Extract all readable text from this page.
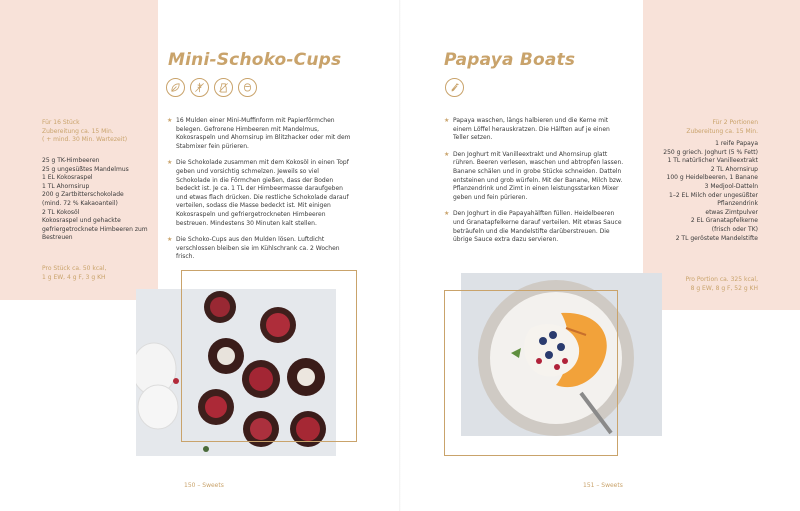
Mini-Schoko-Cups
Für 16 Stück
Zubereitung ca. 15 Min.
( + mind. 30 Min. Wartezeit)
25 g TK-Himbeeren
25 g ungesüßtes Mandelmus
1 EL Kokosraspel
1 TL Ahornsirup
200 g Zartbitterschokolade
(mind. 72 % Kakaoanteil)
2 TL Kokosöl
Kokosraspel und gehackte
gefriergetrocknete Himbeeren zum
Bestreuen
Pro Stück ca. 50 kcal,
1 g EW, 4 g F, 3 g KH
★ 16 Mulden einer Mini-Muffinform mit Papierförmchen belegen. Gefrorene Himbeeren mit Mandelmus, Kokosraspeln und Ahornsirup im Blitzhacker oder mit dem Stabmixer fein pürieren.
★ Die Schokolade zusammen mit dem Kokosöl in einen Topf geben und vorsichtig schmelzen. Jeweils so viel Schokolade in die Förmchen gießen, dass der Boden bedeckt ist. Je ca. 1 TL der Himbeermasse daraufgeben und etwas flach drücken. Die restliche Schokolade darauf verteilen, sodass die Masse bedeckt ist. Mit einigen Kokosraspeln und gefriergetrockneten Himbeeren bestreuen. Mindestens 30 Minuten kalt stellen.
★ Die Schoko-Cups aus den Mulden lösen. Luftdicht verschlossen bleiben sie im Kühlschrank ca. 2 Wochen frisch.
150 – Sweets
Papaya Boats
Für 2 Portionen
Zubereitung ca. 15 Min.
1 reife Papaya
250 g griech. Joghurt (5 % Fett)
1 TL natürlicher Vanilleextrakt
2 TL Ahornsirup
100 g Heidelbeeren, 1 Banane
3 Medjool-Datteln
1–2 EL Milch oder ungesüßter
Pflanzendrink
etwas Zimtpulver
2 EL Granatapfelkerne
(frisch oder TK)
2 TL geröstete Mandelstifte
Pro Portion ca. 325 kcal,
8 g EW, 8 g F, 52 g KH
★ Papaya waschen, längs halbieren und die Kerne mit einem Löffel herauskratzen. Die Hälften auf je einen Teller setzen.
★ Den Joghurt mit Vanilleextrakt und Ahornsirup glatt rühren. Beeren verlesen, waschen und abtropfen lassen. Banane schälen und in grobe Stücke schneiden. Datteln entsteinen und grob würfeln. Mit der Banane, Milch bzw. Pflanzendrink und Zimt in einen leistungsstarken Mixer geben und fein pürieren.
★ Den Joghurt in die Papayahälften füllen. Heidelbeeren und Granatapfelkerne darauf verteilen. Mit etwas Sauce beträufeln und die Mandelstifte darüberstreuen. Die übrige Sauce extra dazu servieren.
151 – Sweets
